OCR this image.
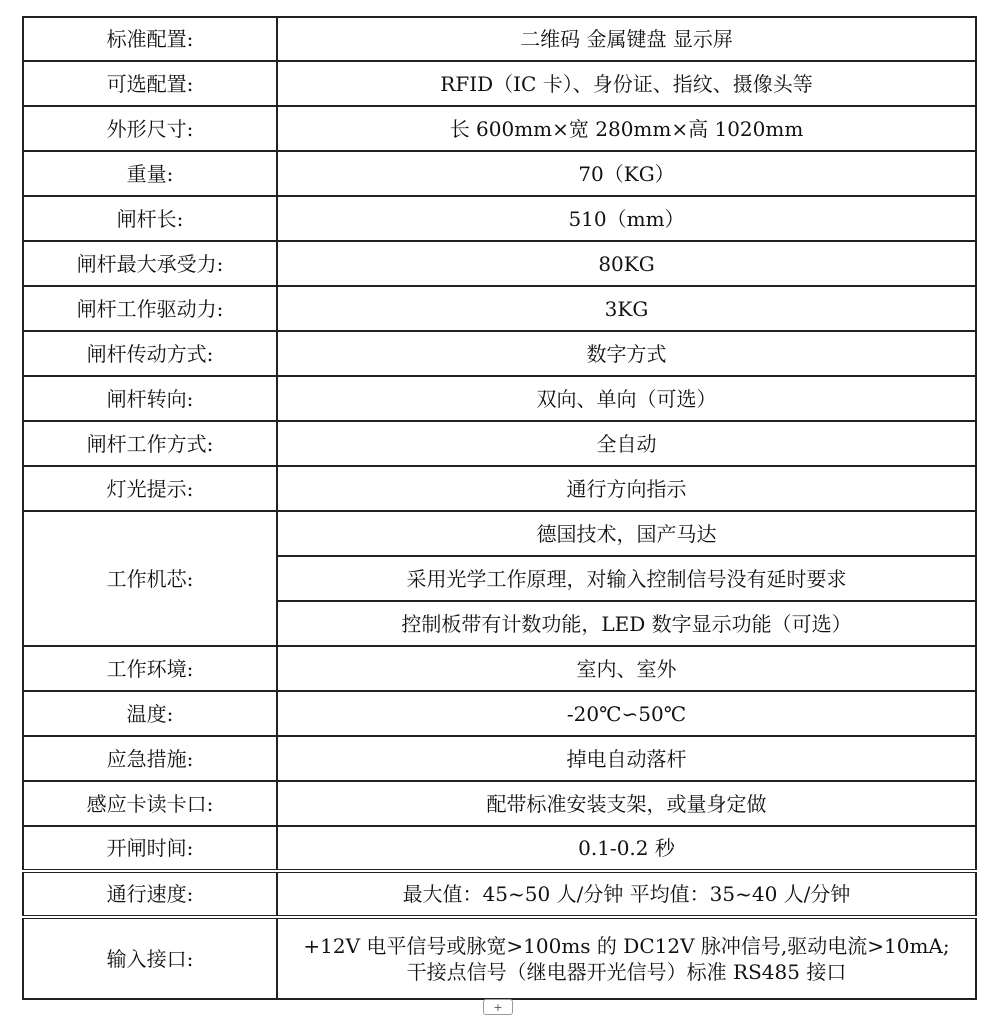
标准配置:	二维码 金属键盘 显示屏
可选配置:	RFID（IC 卡）、身份证、指纹、摄像头等
外形尺寸:	长 600mm×宽 280mm×高 1020mm
重量:	70（KG）
闸杆长:	510（mm）
闸杆最大承受力:	80KG
闸杆工作驱动力:	3KG
闸杆传动方式:	数字方式
闸杆转向:	双向、单向（可选）
闸杆工作方式:	全自动
灯光提示:	通行方向指示
工作机芯:	德国技术，国产马达
	采用光学工作原理，对输入控制信号没有延时要求
	控制板带有计数功能，LED 数字显示功能（可选）
工作环境:	室内、室外
温度:	-20℃∽50℃
应急措施:	掉电自动落杆
感应卡读卡口:	配带标准安装支架，或量身定做
开闸时间:	0.1-0.2 秒
通行速度:	最大值：45~50 人/分钟 平均值：35~40 人/分钟
输入接口:	+12V 电平信号或脉宽>100ms 的 DC12V 脉冲信号,驱动电流>10mA;
干接点信号（继电器开光信号）标准 RS485 接口
+
